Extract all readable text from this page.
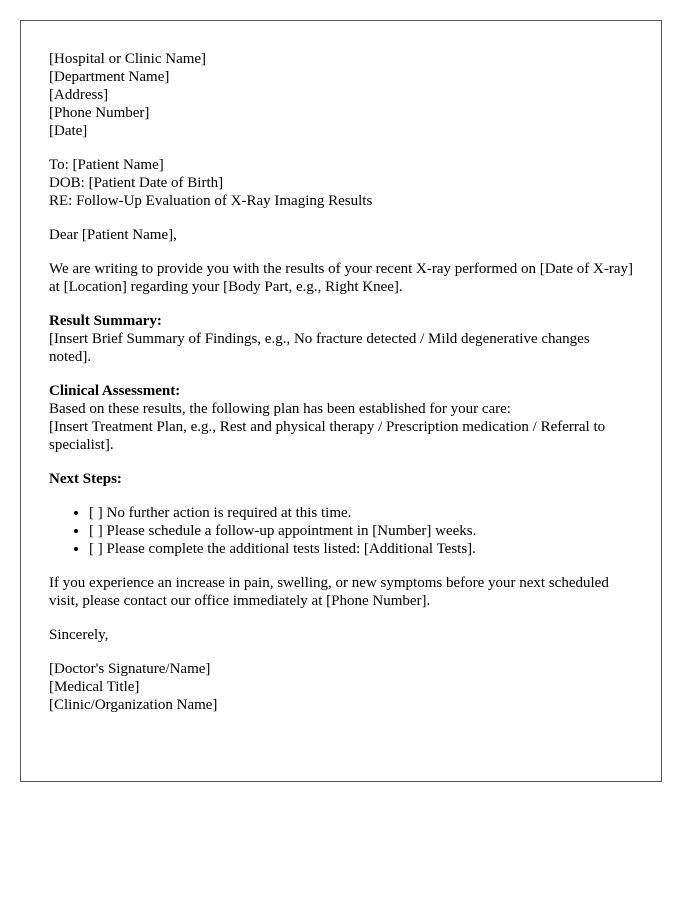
[Hospital or Clinic Name]
[Department Name]
[Address]
[Phone Number]
[Date]
To: [Patient Name]
DOB: [Patient Date of Birth]
RE: Follow-Up Evaluation of X-Ray Imaging Results
Dear [Patient Name],
We are writing to provide you with the results of your recent X-ray performed on [Date of X-ray] at [Location] regarding your [Body Part, e.g., Right Knee].
Result Summary:
[Insert Brief Summary of Findings, e.g., No fracture detected / Mild degenerative changes noted].
Clinical Assessment:
Based on these results, the following plan has been established for your care:
[Insert Treatment Plan, e.g., Rest and physical therapy / Prescription medication / Referral to specialist].
Next Steps:
• [ ] No further action is required at this time.
• [ ] Please schedule a follow-up appointment in [Number] weeks.
• [ ] Please complete the additional tests listed: [Additional Tests].
If you experience an increase in pain, swelling, or new symptoms before your next scheduled visit, please contact our office immediately at [Phone Number].
Sincerely,
[Doctor's Signature/Name]
[Medical Title]
[Clinic/Organization Name]
